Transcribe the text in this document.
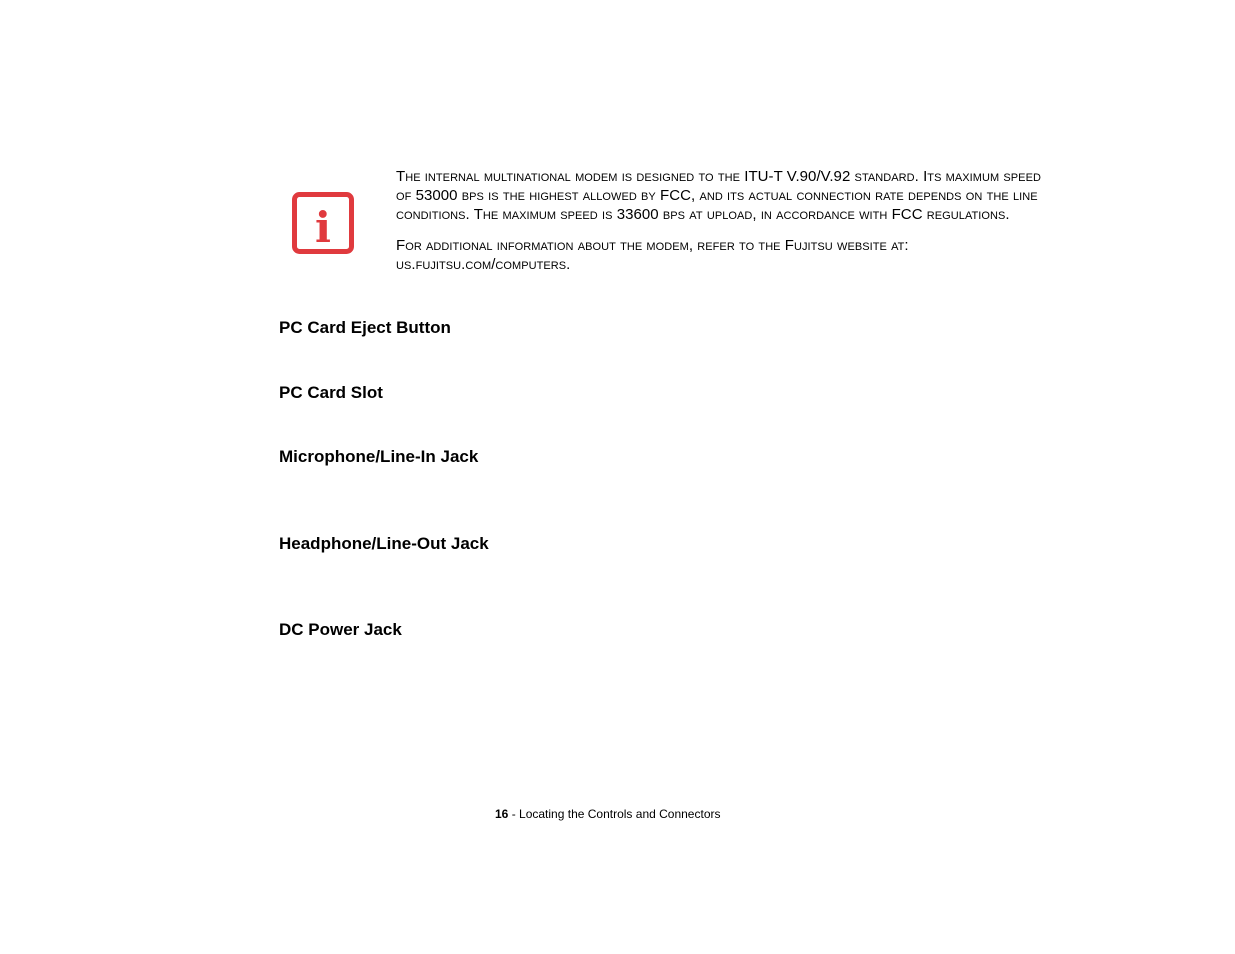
i

The internal multinational modem is designed to the ITU-T V.90/V.92 standard. Its maximum speed of 53000 bps is the highest allowed by FCC, and its actual connection rate depends on the line conditions. The maximum speed is 33600 bps at upload, in accordance with FCC regulations.

For additional information about the modem, refer to the Fujitsu website at: us.fujitsu.com/computers.

PC Card Eject Button
PC Card Slot
Microphone/Line-In Jack
Headphone/Line-Out Jack
DC Power Jack
16 - Locating the Controls and Connectors
